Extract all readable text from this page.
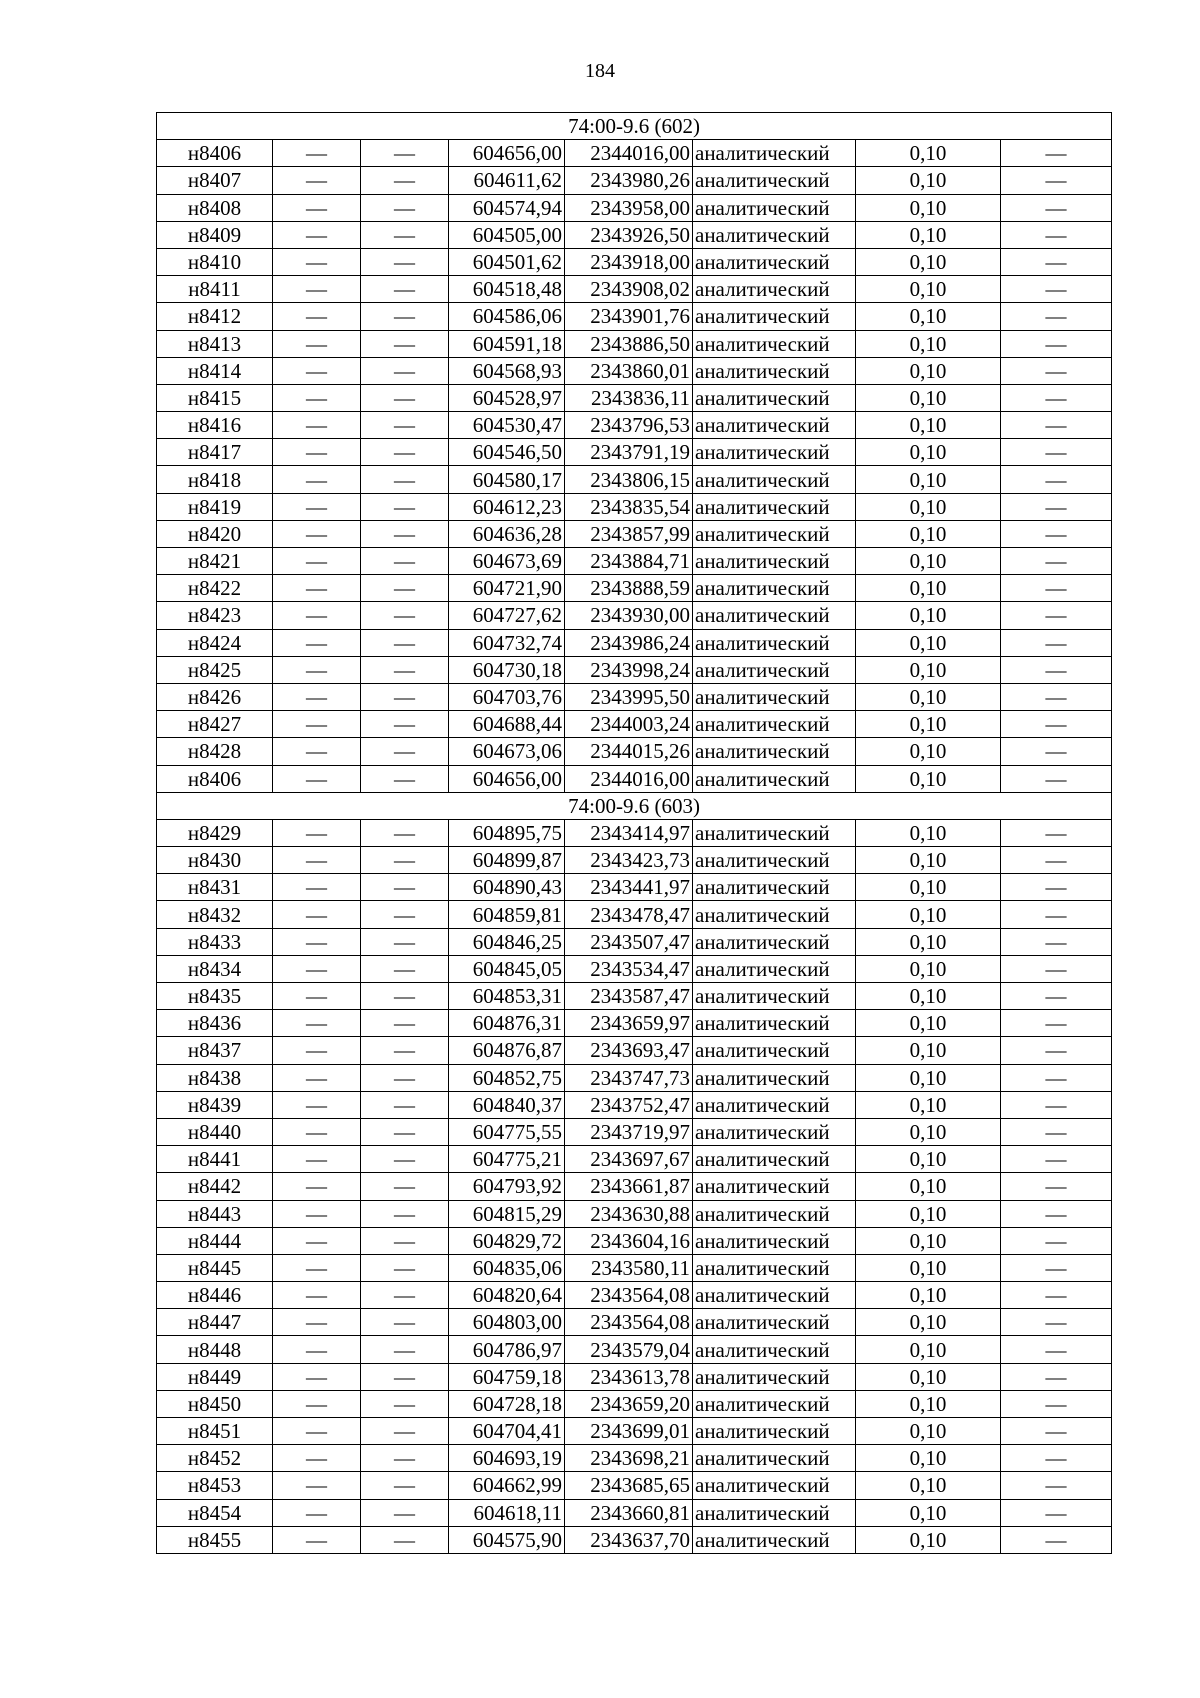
184
74:00-9.6 (602)							
н8406	—	—	604656,00	2344016,00	аналитический	0,10	—
н8407	—	—	604611,62	2343980,26	аналитический	0,10	—
н8408	—	—	604574,94	2343958,00	аналитический	0,10	—
н8409	—	—	604505,00	2343926,50	аналитический	0,10	—
н8410	—	—	604501,62	2343918,00	аналитический	0,10	—
н8411	—	—	604518,48	2343908,02	аналитический	0,10	—
н8412	—	—	604586,06	2343901,76	аналитический	0,10	—
н8413	—	—	604591,18	2343886,50	аналитический	0,10	—
н8414	—	—	604568,93	2343860,01	аналитический	0,10	—
н8415	—	—	604528,97	2343836,11	аналитический	0,10	—
н8416	—	—	604530,47	2343796,53	аналитический	0,10	—
н8417	—	—	604546,50	2343791,19	аналитический	0,10	—
н8418	—	—	604580,17	2343806,15	аналитический	0,10	—
н8419	—	—	604612,23	2343835,54	аналитический	0,10	—
н8420	—	—	604636,28	2343857,99	аналитический	0,10	—
н8421	—	—	604673,69	2343884,71	аналитический	0,10	—
н8422	—	—	604721,90	2343888,59	аналитический	0,10	—
н8423	—	—	604727,62	2343930,00	аналитический	0,10	—
н8424	—	—	604732,74	2343986,24	аналитический	0,10	—
н8425	—	—	604730,18	2343998,24	аналитический	0,10	—
н8426	—	—	604703,76	2343995,50	аналитический	0,10	—
н8427	—	—	604688,44	2344003,24	аналитический	0,10	—
н8428	—	—	604673,06	2344015,26	аналитический	0,10	—
н8406	—	—	604656,00	2344016,00	аналитический	0,10	—
74:00-9.6 (603)							
н8429	—	—	604895,75	2343414,97	аналитический	0,10	—
н8430	—	—	604899,87	2343423,73	аналитический	0,10	—
н8431	—	—	604890,43	2343441,97	аналитический	0,10	—
н8432	—	—	604859,81	2343478,47	аналитический	0,10	—
н8433	—	—	604846,25	2343507,47	аналитический	0,10	—
н8434	—	—	604845,05	2343534,47	аналитический	0,10	—
н8435	—	—	604853,31	2343587,47	аналитический	0,10	—
н8436	—	—	604876,31	2343659,97	аналитический	0,10	—
н8437	—	—	604876,87	2343693,47	аналитический	0,10	—
н8438	—	—	604852,75	2343747,73	аналитический	0,10	—
н8439	—	—	604840,37	2343752,47	аналитический	0,10	—
н8440	—	—	604775,55	2343719,97	аналитический	0,10	—
н8441	—	—	604775,21	2343697,67	аналитический	0,10	—
н8442	—	—	604793,92	2343661,87	аналитический	0,10	—
н8443	—	—	604815,29	2343630,88	аналитический	0,10	—
н8444	—	—	604829,72	2343604,16	аналитический	0,10	—
н8445	—	—	604835,06	2343580,11	аналитический	0,10	—
н8446	—	—	604820,64	2343564,08	аналитический	0,10	—
н8447	—	—	604803,00	2343564,08	аналитический	0,10	—
н8448	—	—	604786,97	2343579,04	аналитический	0,10	—
н8449	—	—	604759,18	2343613,78	аналитический	0,10	—
н8450	—	—	604728,18	2343659,20	аналитический	0,10	—
н8451	—	—	604704,41	2343699,01	аналитический	0,10	—
н8452	—	—	604693,19	2343698,21	аналитический	0,10	—
н8453	—	—	604662,99	2343685,65	аналитический	0,10	—
н8454	—	—	604618,11	2343660,81	аналитический	0,10	—
н8455	—	—	604575,90	2343637,70	аналитический	0,10	—
